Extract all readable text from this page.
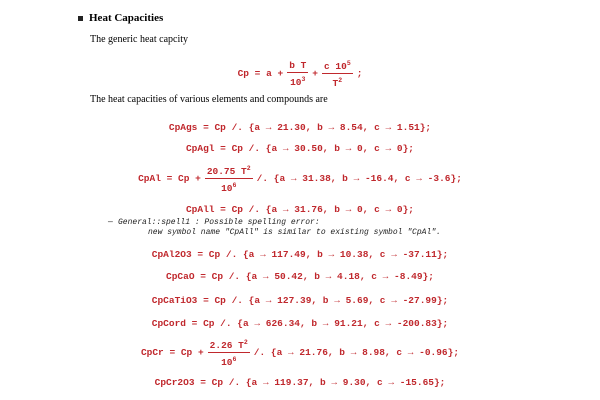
Heat Capacities
The generic heat capcity
$Cp = a + \frac{\text{b T}}{10^3} + \frac{c 10^5}{T^2}$ ;
The heat capacities of various elements and compounds are
CpAgs = Cp /. {a → 21.30, b → 8.54, c → 1.51};
CpAgl = Cp /. {a → 30.50, b → 0, c → 0};
CpAl = $Cp + \frac{20.75 T^2}{10^6}$ /. {a → 31.38, b → -16.4, c → -3.6};
CpAll = Cp /. {a → 31.76, b → 0, c → 0};
— General::spell1 : Possible spelling error:
new symbol name "CpAll" is similar to existing symbol "CpAl".
CpAl2O3 = Cp /. {a → 117.49, b → 10.38, c → -37.11};
CpCaO = Cp /. {a → 50.42, b → 4.18, c → -8.49};
CpCaTiO3 = Cp /. {a → 127.39, b → 5.69, c → -27.99};
CpCord = Cp /. {a → 626.34, b → 91.21, c → -200.83};
CpCr = $Cp + \frac{2.26 T^2}{10^6}$ /. {a → 21.76, b → 8.98, c → -0.96};
CpCr2O3 = Cp /. {a → 119.37, b → 9.30, c → -15.65};
